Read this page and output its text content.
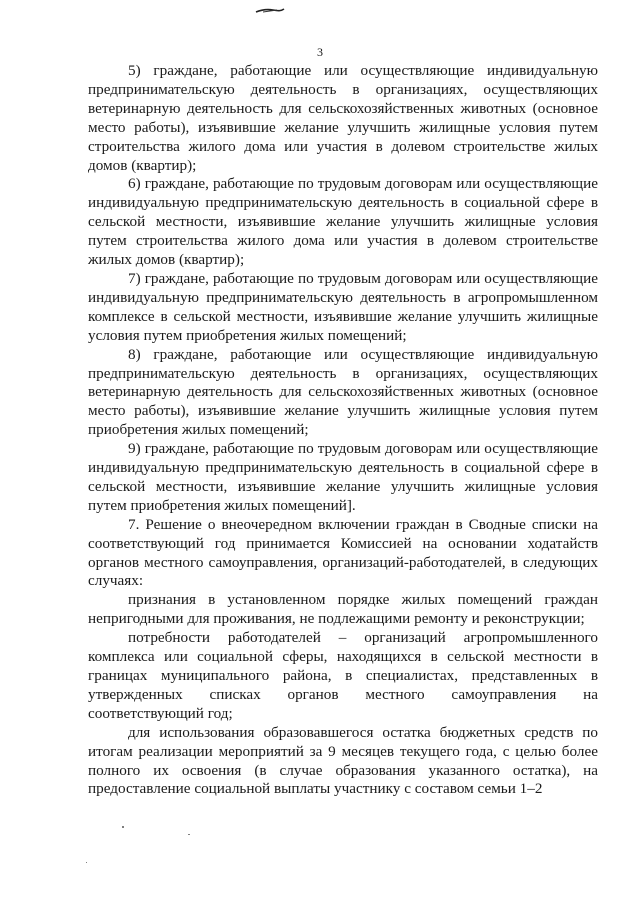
3

5) граждане, работающие или осуществляющие индивидуальную предпринимательскую деятельность в организациях, осуществляющих ветеринарную деятельность для сельскохозяйственных животных (основное место работы), изъявившие желание улучшить жилищные условия путем строительства жилого дома или участия в долевом строительстве жилых домов (квартир);

6) граждане, работающие по трудовым договорам или осуществляющие индивидуальную предпринимательскую деятельность в социальной сфере в сельской местности, изъявившие желание улучшить жилищные условия путем строительства жилого дома или участия в долевом строительстве жилых домов (квартир);

7) граждане, работающие по трудовым договорам или осуществляющие индивидуальную предпринимательскую деятельность в агропромышленном комплексе в сельской местности, изъявившие желание улучшить жилищные условия путем приобретения жилых помещений;

8) граждане, работающие или осуществляющие индивидуальную предпринимательскую деятельность в организациях, осуществляющих ветеринарную деятельность для сельскохозяйственных животных (основное место работы), изъявившие желание улучшить жилищные условия путем приобретения жилых помещений;

9) граждане, работающие по трудовым договорам или осуществляющие индивидуальную предпринимательскую деятельность в социальной сфере в сельской местности, изъявившие желание улучшить жилищные условия путем приобретения жилых помещений].

7. Решение о внеочередном включении граждан в Сводные списки на соответствующий год принимается Комиссией на основании ходатайств органов местного самоуправления, организаций-работодателей, в следующих случаях:

признания в установленном порядке жилых помещений граждан непригодными для проживания, не подлежащими ремонту и реконструкции;

потребности работодателей – организаций агропромышленного комплекса или социальной сферы, находящихся в сельской местности в границах муниципального района, в специалистах, представленных в утвержденных списках органов местного самоуправления на соответствующий год;

для использования образовавшегося остатка бюджетных средств по итогам реализации мероприятий за 9 месяцев текущего года, с целью более полного их освоения (в случае образования указанного остатка), на предоставление социальной выплаты участнику с составом семьи 1–2
